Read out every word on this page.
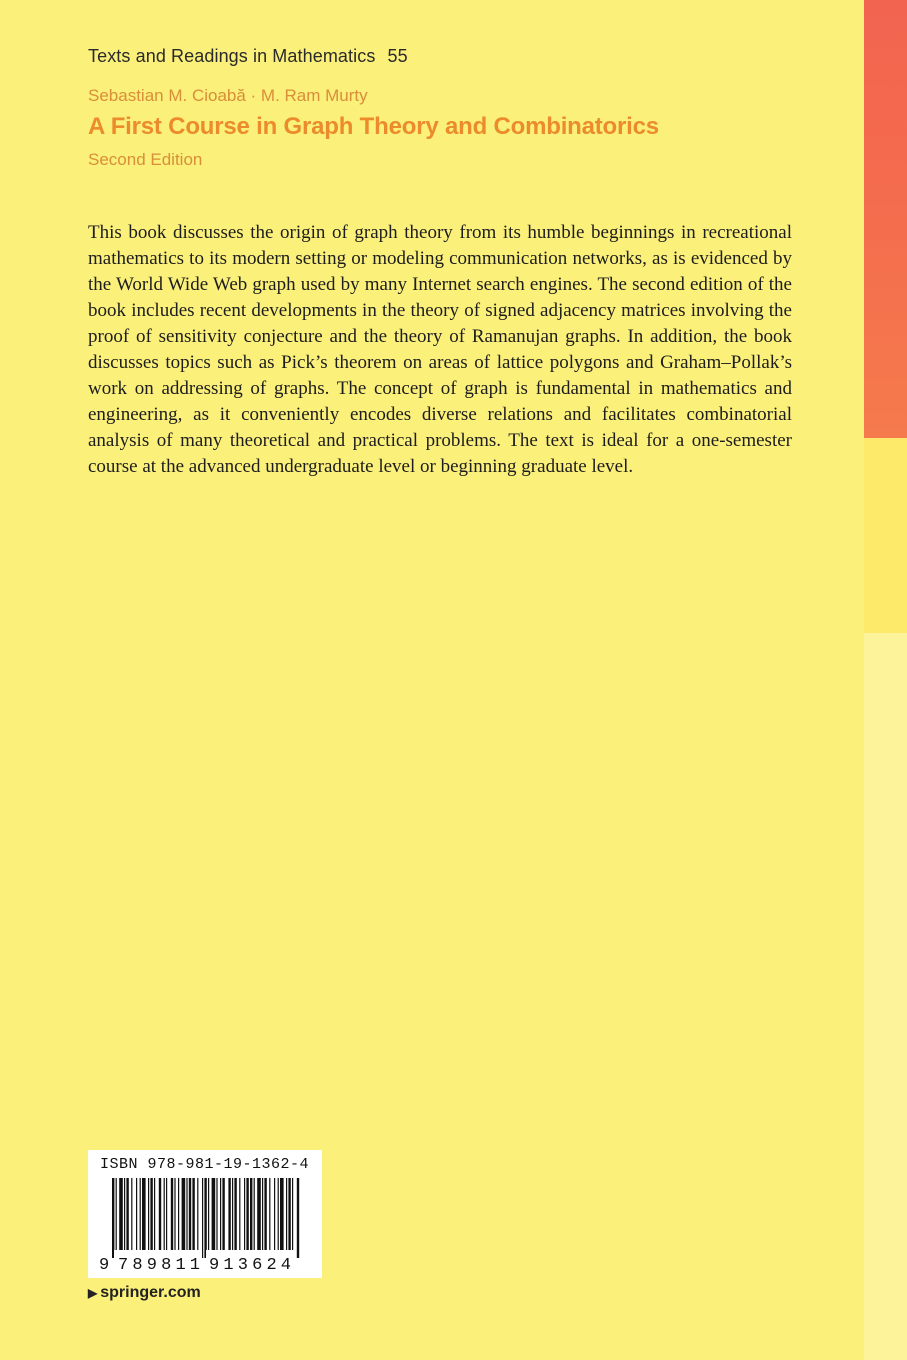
Texts and Readings in Mathematics 55
Sebastian M. Cioabă · M. Ram Murty
A First Course in Graph Theory and Combinatorics
Second Edition

This book discusses the origin of graph theory from its humble beginnings in recreational mathematics to its modern setting or modeling communication networks, as is evidenced by the World Wide Web graph used by many Internet search engines. The second edition of the book includes recent developments in the theory of signed adjacency matrices involving the proof of sensitivity conjecture and the theory of Ramanujan graphs. In addition, the book discusses topics such as Pick’s theorem on areas of lattice polygons and Graham–Pollak’s work on addressing of graphs. The concept of graph is fundamental in mathematics and engineering, as it conveniently encodes diverse relations and facilitates combinatorial analysis of many theoretical and practical problems. The text is ideal for a one-semester course at the advanced undergraduate level or beginning graduate level.

9 789811 913624
ISBN 978-981-19-1362-4
▶ springer.com
